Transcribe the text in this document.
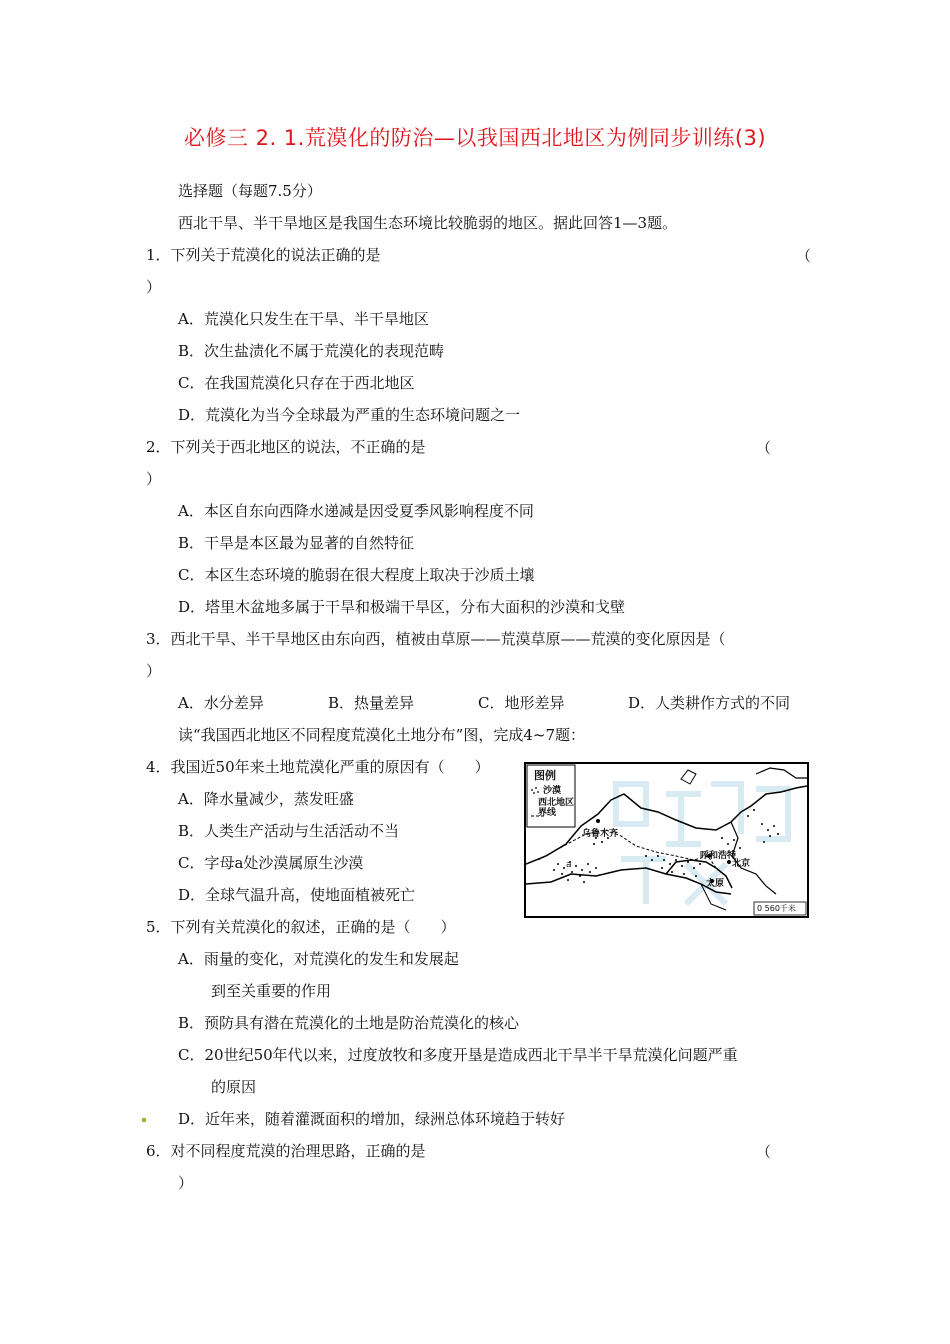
必修三 2. 1.荒漠化的防治—以我国西北地区为例同步训练(3)
选择题（每题7.5分）
西北干旱、半干旱地区是我国生态环境比较脆弱的地区。据此回答1—3题。
1．下列关于荒漠化的说法正确的是	（
）
A．荒漠化只发生在干旱、半干旱地区
B．次生盐渍化不属于荒漠化的表现范畴
C．在我国荒漠化只存在于西北地区
D．荒漠化为当今全球最为严重的生态环境问题之一
2．下列关于西北地区的说法，不正确的是	（
）
A．本区自东向西降水递减是因受夏季风影响程度不同
B．干旱是本区最为显著的自然特征
C．本区生态环境的脆弱在很大程度上取决于沙质土壤
D．塔里木盆地多属于干旱和极端干旱区，分布大面积的沙漠和戈壁
3．西北干旱、半干旱地区由东向西，植被由草原——荒漠草原——荒漠的变化原因是（
）
A．水分差异	B．热量差异	C．地形差异	D．人类耕作方式的不同
读“我国西北地区不同程度荒漠化土地分布”图，完成4~7题：
4．我国近50年来土地荒漠化严重的原因有（　　）
A．降水量减少，蒸发旺盛
B．人类生产活动与生活活动不当
C．字母a处沙漠属原生沙漠
D．全球气温升高，使地面植被死亡
图例
沙漠
西北地区界线
乌鲁木齐
呼和浩特
北京
太原
a
0 560千米
5．下列有关荒漠化的叙述，正确的是（　　）
A．雨量的变化，对荒漠化的发生和发展起
到至关重要的作用
B．预防具有潜在荒漠化的土地是防治荒漠化的核心
C．20世纪50年代以来，过度放牧和多度开垦是造成西北干旱半干旱荒漠化问题严重
的原因
D．近年来，随着灌溉面积的增加，绿洲总体环境趋于转好
6．对不同程度荒漠的治理思路，正确的是	（
）
